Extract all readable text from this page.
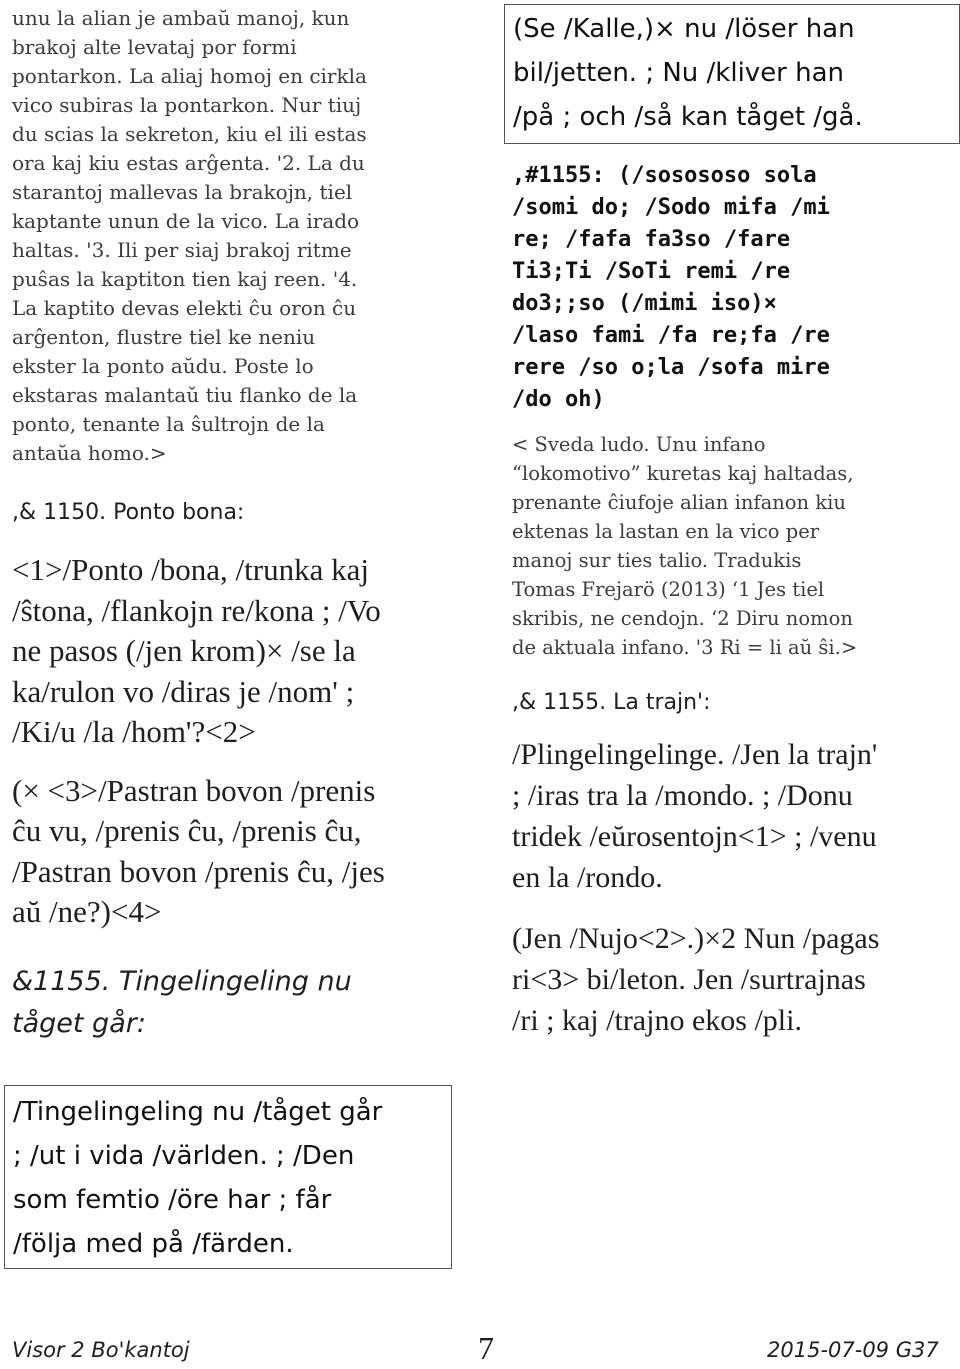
unu la alian je ambaŭ manoj, kun
brakoj alte levataj por formi
pontarkon. La aliaj homoj en cirkla
vico subiras la pontarkon. Nur tiuj
du scias la sekreton, kiu el ili estas
ora kaj kiu estas arĝenta. '2. La du
starantoj mallevas la brakojn, tiel
kaptante unun de la vico. La irado
haltas. '3. Ili per siaj brakoj ritme
puŝas la kaptiton tien kaj reen. '4.
La kaptito devas elekti ĉu oron ĉu
arĝenton, flustre tiel ke neniu
ekster la ponto aŭdu. Poste lo
ekstaras malantaŭ tiu flanko de la
ponto, tenante la ŝultrojn de la
antaŭa homo.>
,& 1150. Ponto bona:
<1>/Ponto /bona, /trunka kaj
/ŝtona, /flankojn re/kona ; /Vo
ne pasos (/jen krom)× /se la
ka/rulon vo /diras je /nom' ;
/Ki/u /la /hom'?<2>
(× <3>/Pastran bovon /prenis
ĉu vu, /prenis ĉu, /prenis ĉu,
/Pastran bovon /prenis ĉu, /jes
aŭ /ne?)<4>
&1155. Tingelingeling nu
tåget går:
/Tingelingeling nu /tåget går
; /ut i vida /världen. ; /Den
som femtio /öre har ; får
/följa med på /färden.
(Se /Kalle,)× nu /löser han
bil/jetten. ; Nu /kliver han
/på ; och /så kan tåget /gå.
,#1155: (/sosososo sola
/somi do; /Sodo mifa /mi
re; /fafa fa3so /fare
Ti3;Ti /SoTi remi /re
do3;;so (/mimi iso)×
/laso fami /fa re;fa /re
rere /so o;la /sofa mire
/do oh)
< Sveda ludo. Unu infano
“lokomotivo” kuretas kaj haltadas,
prenante ĉiufoje alian infanon kiu
ektenas la lastan en la vico per
manoj sur ties talio. Tradukis
Tomas Frejarö (2013) ‘1 Jes tiel
skribis, ne cendojn. ‘2 Diru nomon
de aktuala infano. '3 Ri = li aŭ ŝi.>
,& 1155. La trajn':
/Plingelingelinge. /Jen la trajn'
; /iras tra la /mondo. ; /Donu
tridek /eŭrosentojn<1> ; /venu
en la /rondo.
(Jen /Nujo<2>.)×2 Nun /pagas
ri<3> bi/leton. Jen /surtrajnas
/ri ; kaj /trajno ekos /pli.
Visor 2 Bo'kantoj	7	2015-07-09 G37
